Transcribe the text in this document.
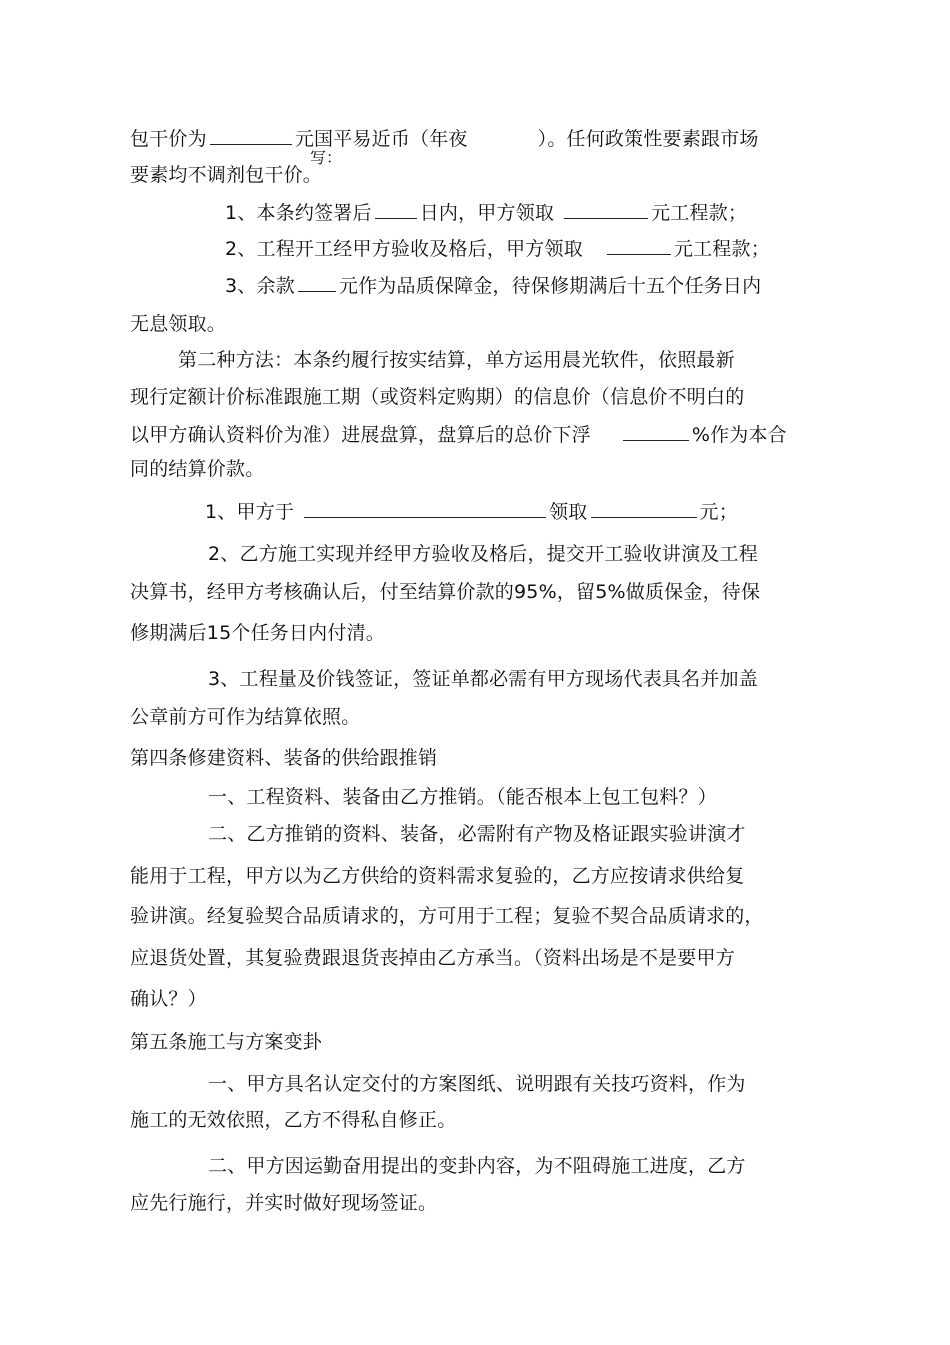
包干价为	元国平易近币（年夜	）。任何政策性要素跟市场
写：
要素均不调剂包干价。
1、本条约签署后	日内，甲方领取	元工程款；
2、工程开工经甲方验收及格后，甲方领取	元工程款；
3、余款 元作为品质保障金，待保修期满后十五个任务日内
无息领取。
第二种方法：本条约履行按实结算，单方运用晨光软件，依照最新
现行定额计价标准跟施工期（或资料定购期）的信息价（信息价不明白的
以甲方确认资料价为准）进展盘算，盘算后的总价下浮	%作为本合
同的结算价款。
1、甲方于	领取	元；
2、乙方施工实现并经甲方验收及格后，提交开工验收讲演及工程
决算书，经甲方考核确认后，付至结算价款的95%，留5%做质保金，待保
修期满后15个任务日内付清。
3、工程量及价钱签证，签证单都必需有甲方现场代表具名并加盖
公章前方可作为结算依照。
第四条修建资料、装备的供给跟推销
一、工程资料、装备由乙方推销。（能否根本上包工包料？）
二、乙方推销的资料、装备，必需附有产物及格证跟实验讲演才
能用于工程，甲方以为乙方供给的资料需求复验的，乙方应按请求供给复
验讲演。经复验契合品质请求的，方可用于工程；复验不契合品质请求的，
应退货处置，其复验费跟退货丧掉由乙方承当。（资料出场是不是要甲方
确认？）
第五条施工与方案变卦
一、甲方具名认定交付的方案图纸、说明跟有关技巧资料，作为
施工的无效依照，乙方不得私自修正。
二、甲方因运勤奋用提出的变卦内容，为不阻碍施工进度，乙方
应先行施行，并实时做好现场签证。
